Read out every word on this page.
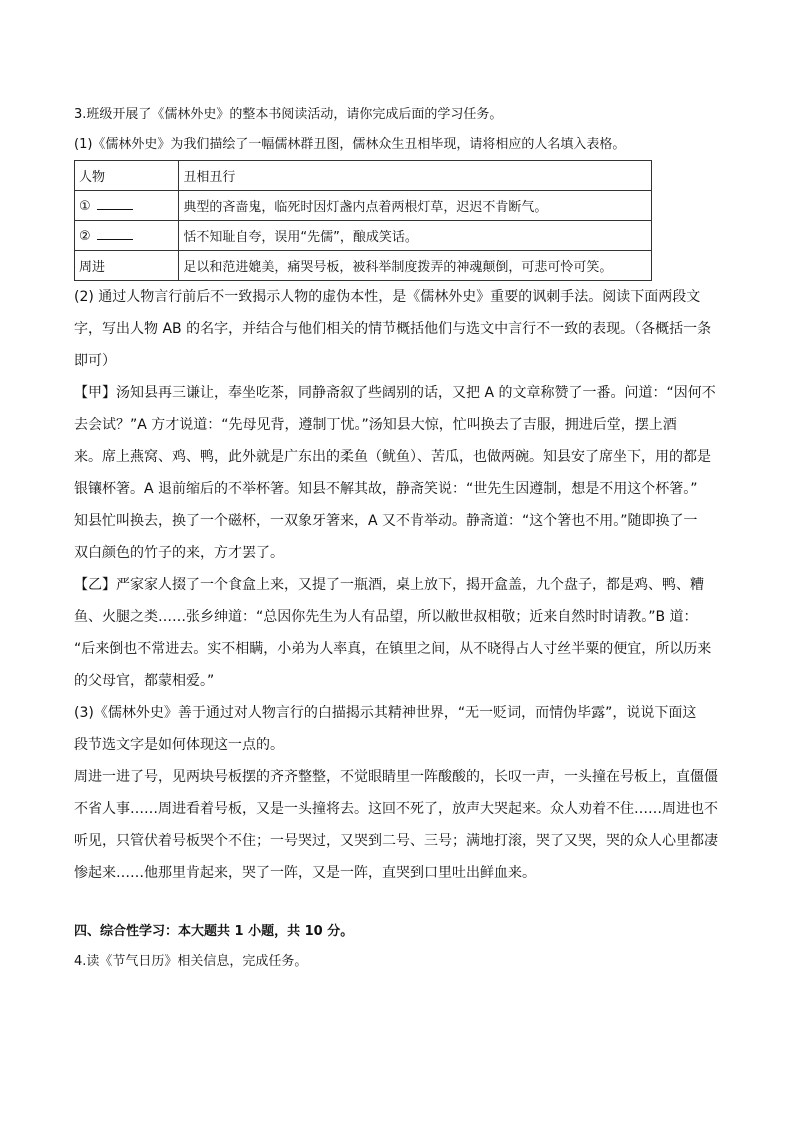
3.班级开展了《儒林外史》的整本书阅读活动，请你完成后面的学习任务。
(1)《儒林外史》为我们描绘了一幅儒林群丑图，儒林众生丑相毕现，请将相应的人名填入表格。
人物	丑相丑行
①	典型的吝啬鬼，临死时因灯盏内点着两根灯草，迟迟不肯断气。
②	恬不知耻自夸，误用“先儒”，酿成笑话。
周进	足以和范进媲美，痛哭号板，被科举制度拨弄的神魂颠倒，可悲可怜可笑。
(2) 通过人物言行前后不一致揭示人物的虚伪本性，是《儒林外史》重要的讽刺手法。阅读下面两段文
字，写出人物 AB 的名字，并结合与他们相关的情节概括他们与选文中言行不一致的表现。（各概括一条
即可）
【甲】汤知县再三谦让，奉坐吃茶，同静斋叙了些阔别的话，又把 A 的文章称赞了一番。问道：“因何不
去会试？”A 方才说道：“先母见背，遵制丁忧。”汤知县大惊，忙叫换去了吉服，拥进后堂，摆上酒
来。席上燕窝、鸡、鸭，此外就是广东出的柔鱼（鱿鱼）、苦瓜，也做两碗。知县安了席坐下，用的都是
银镶杯箸。A 退前缩后的不举杯箸。知县不解其故，静斋笑说：“世先生因遵制，想是不用这个杯箸。”
知县忙叫换去，换了一个磁杯，一双象牙箸来，A 又不肯举动。静斋道：“这个箸也不用。”随即换了一
双白颜色的竹子的来，方才罢了。
【乙】严家家人掇了一个食盒上来，又提了一瓶酒，桌上放下，揭开盒盖，九个盘子，都是鸡、鸭、糟
鱼、火腿之类……张乡绅道：“总因你先生为人有品望，所以敝世叔相敬；近来自然时时请教。”B 道：
“后来倒也不常进去。实不相瞒，小弟为人率真，在镇里之间，从不晓得占人寸丝半粟的便宜，所以历来
的父母官，都蒙相爱。”
(3)《儒林外史》善于通过对人物言行的白描揭示其精神世界，“无一贬词，而情伪毕露”，说说下面这
段节选文字是如何体现这一点的。
周进一进了号，见两块号板摆的齐齐整整，不觉眼睛里一阵酸酸的，长叹一声，一头撞在号板上，直僵僵
不省人事……周进看着号板，又是一头撞将去。这回不死了，放声大哭起来。众人劝着不住……周进也不
听见，只管伏着号板哭个不住；一号哭过，又哭到二号、三号；满地打滚，哭了又哭，哭的众人心里都凄
惨起来……他那里肯起来，哭了一阵，又是一阵，直哭到口里吐出鲜血来。
四、综合性学习：本大题共 1 小题，共 10 分。
4.读《节气日历》相关信息，完成任务。
